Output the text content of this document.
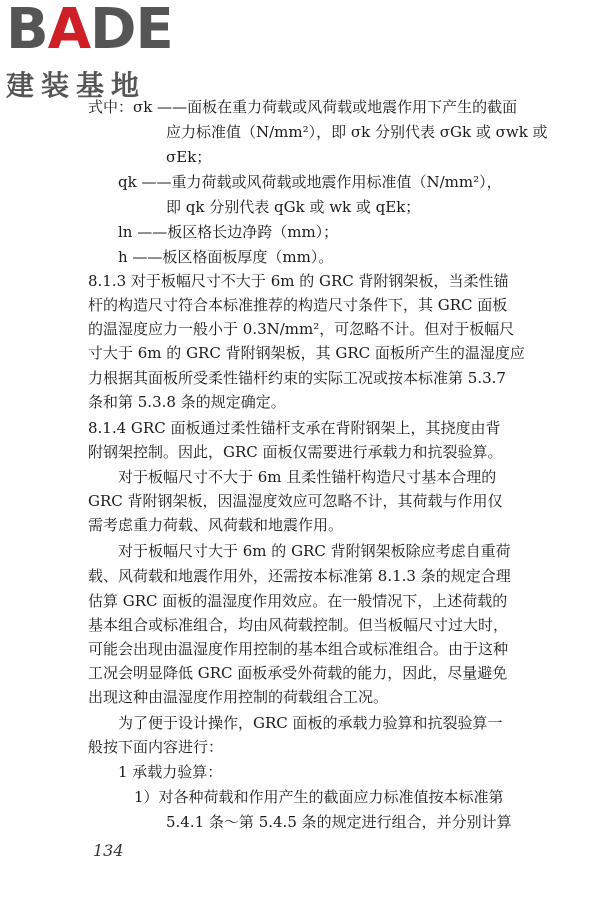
B A DE
建装基地
式中：σk ——面板在重力荷载或风荷载或地震作用下产生的截面
应力标准值（N/mm²），即 σk 分别代表 σGk 或 σwk 或
σEk；
qk ——重力荷载或风荷载或地震作用标准值（N/mm²），
即 qk 分别代表 qGk 或 wk 或 qEk；
ln ——板区格长边净跨（mm）；
h ——板区格面板厚度（mm）。
8.1.3 对于板幅尺寸不大于 6m 的 GRC 背附钢架板，当柔性锚
杆的构造尺寸符合本标准推荐的构造尺寸条件下，其 GRC 面板
的温湿度应力一般小于 0.3N/mm²，可忽略不计。但对于板幅尺
寸大于 6m 的 GRC 背附钢架板，其 GRC 面板所产生的温湿度应
力根据其面板所受柔性锚杆约束的实际工况或按本标准第 5.3.7
条和第 5.3.8 条的规定确定。
8.1.4 GRC 面板通过柔性锚杆支承在背附钢架上，其挠度由背
附钢架控制。因此，GRC 面板仅需要进行承载力和抗裂验算。
对于板幅尺寸不大于 6m 且柔性锚杆构造尺寸基本合理的
GRC 背附钢架板，因温湿度效应可忽略不计，其荷载与作用仅
需考虑重力荷载、风荷载和地震作用。
对于板幅尺寸大于 6m 的 GRC 背附钢架板除应考虑自重荷
载、风荷载和地震作用外，还需按本标准第 8.1.3 条的规定合理
估算 GRC 面板的温湿度作用效应。在一般情况下，上述荷载的
基本组合或标准组合，均由风荷载控制。但当板幅尺寸过大时，
可能会出现由温湿度作用控制的基本组合或标准组合。由于这种
工况会明显降低 GRC 面板承受外荷载的能力，因此，尽量避免
出现这种由温湿度作用控制的荷载组合工况。
为了便于设计操作，GRC 面板的承载力验算和抗裂验算一
般按下面内容进行：
1 承载力验算：
1）对各种荷载和作用产生的截面应力标准值按本标准第
5.4.1 条～第 5.4.5 条的规定进行组合，并分别计算
134
